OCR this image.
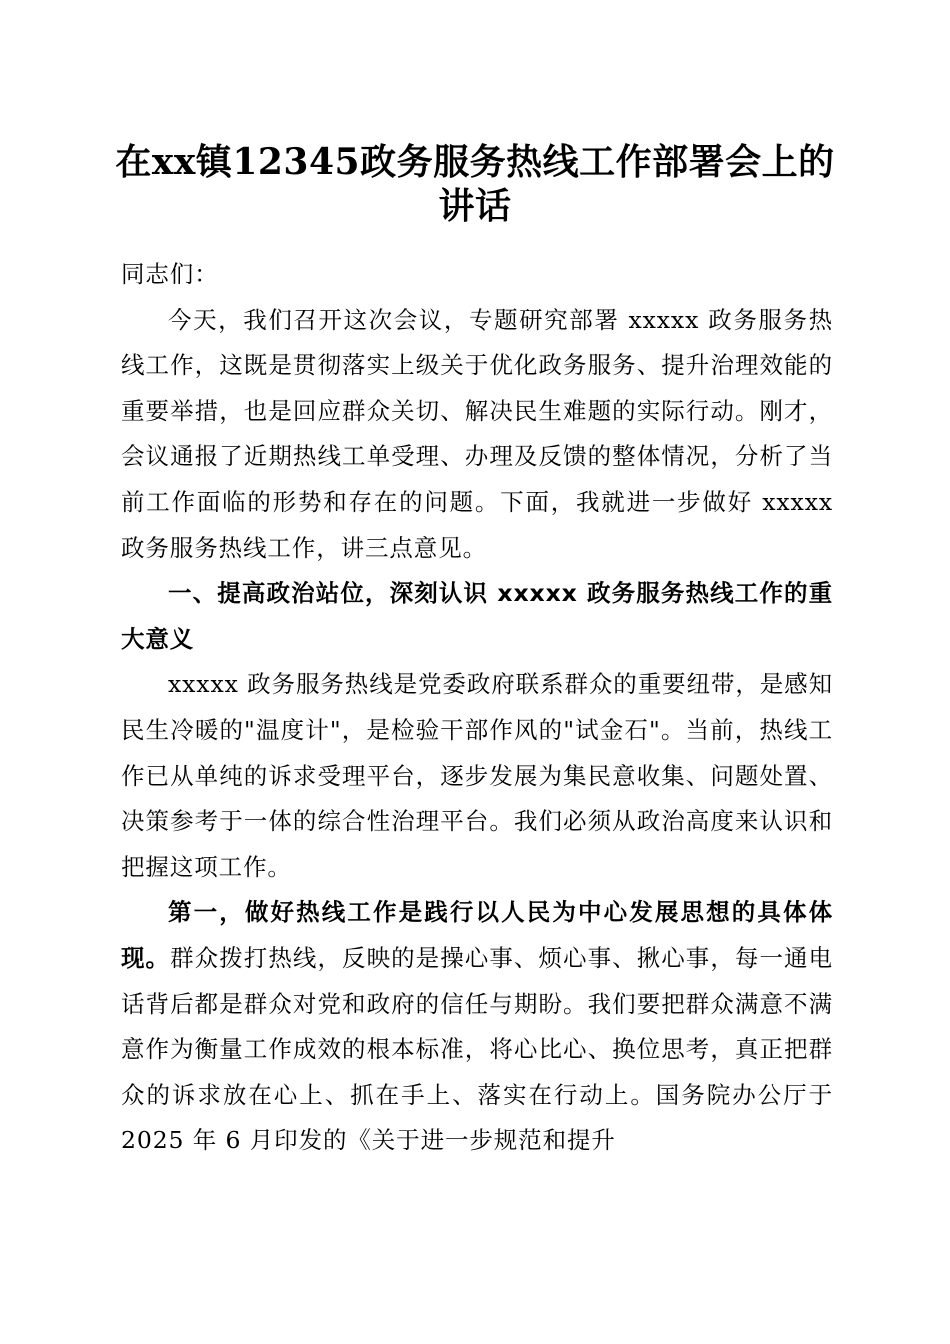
在xx镇12345政务服务热线工作部署会上的
讲话

同志们：

今天，我们召开这次会议，专题研究部署 xxxxx 政务服务热线工作，这既是贯彻落实上级关于优化政务服务、提升治理效能的重要举措，也是回应群众关切、解决民生难题的实际行动。刚才，会议通报了近期热线工单受理、办理及反馈的整体情况，分析了当前工作面临的形势和存在的问题。下面，我就进一步做好 xxxxx 政务服务热线工作，讲三点意见。

一、提高政治站位，深刻认识 xxxxx 政务服务热线工作的重大意义

xxxxx 政务服务热线是党委政府联系群众的重要纽带，是感知民生冷暖的"温度计"，是检验干部作风的"试金石"。当前，热线工作已从单纯的诉求受理平台，逐步发展为集民意收集、问题处置、决策参考于一体的综合性治理平台。我们必须从政治高度来认识和把握这项工作。

第一，做好热线工作是践行以人民为中心发展思想的具体体现。群众拨打热线，反映的是操心事、烦心事、揪心事，每一通电话背后都是群众对党和政府的信任与期盼。我们要把群众满意不满意作为衡量工作成效的根本标准，将心比心、换位思考，真正把群众的诉求放在心上、抓在手上、落实在行动上。国务院办公厅于 2025 年 6 月印发的《关于进一步规范和提升
